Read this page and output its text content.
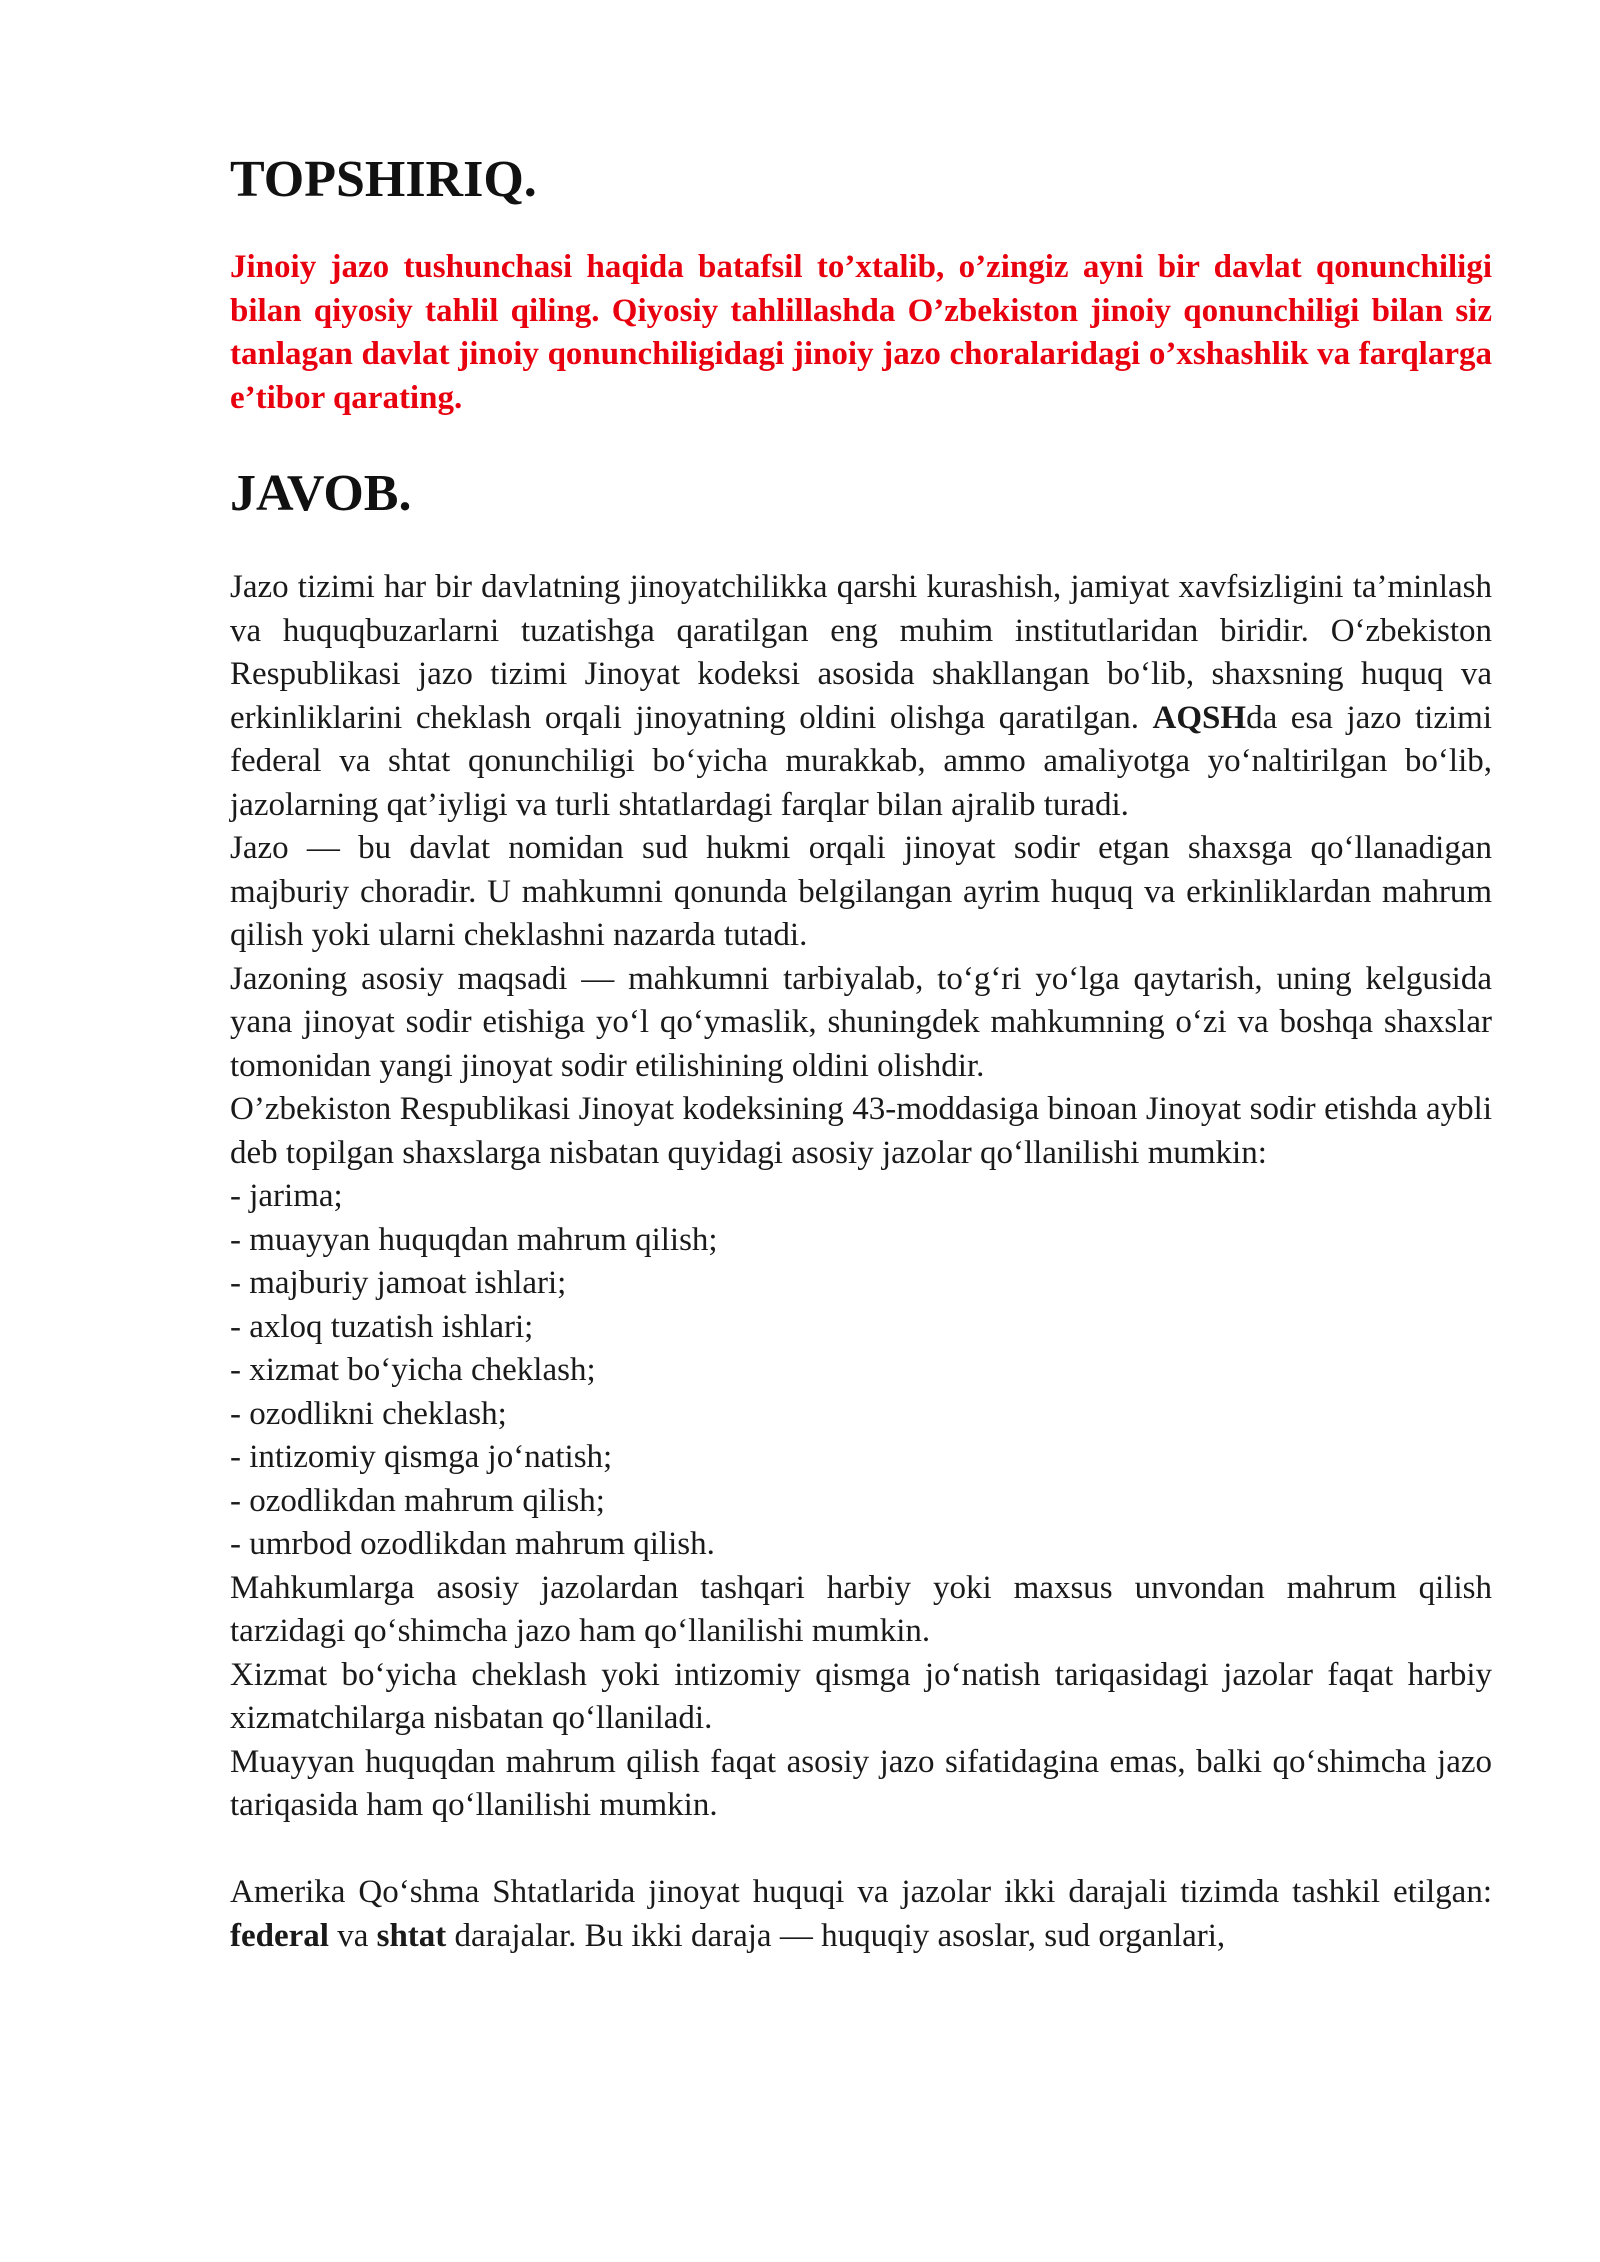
TOPSHIRIQ.

Jinoiy jazo tushunchasi haqida batafsil to’xtalib, o’zingiz ayni bir davlat qonunchiligi bilan qiyosiy tahlil qiling. Qiyosiy tahlillashda O’zbekiston jinoiy qonunchiligi bilan siz tanlagan davlat jinoiy qonunchiligidagi jinoiy jazo choralaridagi o’xshashlik va farqlarga e’tibor qarating.

JAVOB.

Jazo tizimi har bir davlatning jinoyatchilikka qarshi kurashish, jamiyat xavfsizligini ta’minlash va huquqbuzarlarni tuzatishga qaratilgan eng muhim institutlaridan biridir. O‘zbekiston Respublikasi jazo tizimi Jinoyat kodeksi asosida shakllangan bo‘lib, shaxsning huquq va erkinliklarini cheklash orqali jinoyatning oldini olishga qaratilgan. AQSHda esa jazo tizimi federal va shtat qonunchiligi bo‘yicha murakkab, ammo amaliyotga yo‘naltirilgan bo‘lib, jazolarning qat’iyligi va turli shtatlardagi farqlar bilan ajralib turadi.

Jazo — bu davlat nomidan sud hukmi orqali jinoyat sodir etgan shaxsga qo‘llanadigan majburiy choradir. U mahkumni qonunda belgilangan ayrim huquq va erkinliklardan mahrum qilish yoki ularni cheklashni nazarda tutadi.

Jazoning asosiy maqsadi — mahkumni tarbiyalab, to‘g‘ri yo‘lga qaytarish, uning kelgusida yana jinoyat sodir etishiga yo‘l qo‘ymaslik, shuningdek mahkumning o‘zi va boshqa shaxslar tomonidan yangi jinoyat sodir etilishining oldini olishdir.

O’zbekiston Respublikasi Jinoyat kodeksining 43-moddasiga binoan Jinoyat sodir etishda aybli deb topilgan shaxslarga nisbatan quyidagi asosiy jazolar qo‘llanilishi mumkin:

- jarima;

- muayyan huquqdan mahrum qilish;

- majburiy jamoat ishlari;

- axloq tuzatish ishlari;

- xizmat bo‘yicha cheklash;

- ozodlikni cheklash;

- intizomiy qismga jo‘natish;

- ozodlikdan mahrum qilish;

- umrbod ozodlikdan mahrum qilish.

Mahkumlarga asosiy jazolardan tashqari harbiy yoki maxsus unvondan mahrum qilish tarzidagi qo‘shimcha jazo ham qo‘llanilishi mumkin.

Xizmat bo‘yicha cheklash yoki intizomiy qismga jo‘natish tariqasidagi jazolar faqat harbiy xizmatchilarga nisbatan qo‘llaniladi.

Muayyan huquqdan mahrum qilish faqat asosiy jazo sifatidagina emas, balki qo‘shimcha jazo tariqasida ham qo‘llanilishi mumkin.

Amerika Qo‘shma Shtatlarida jinoyat huquqi va jazolar ikki darajali tizimda tashkil etilgan: federal va shtat darajalar. Bu ikki daraja — huquqiy asoslar, sud organlari,
